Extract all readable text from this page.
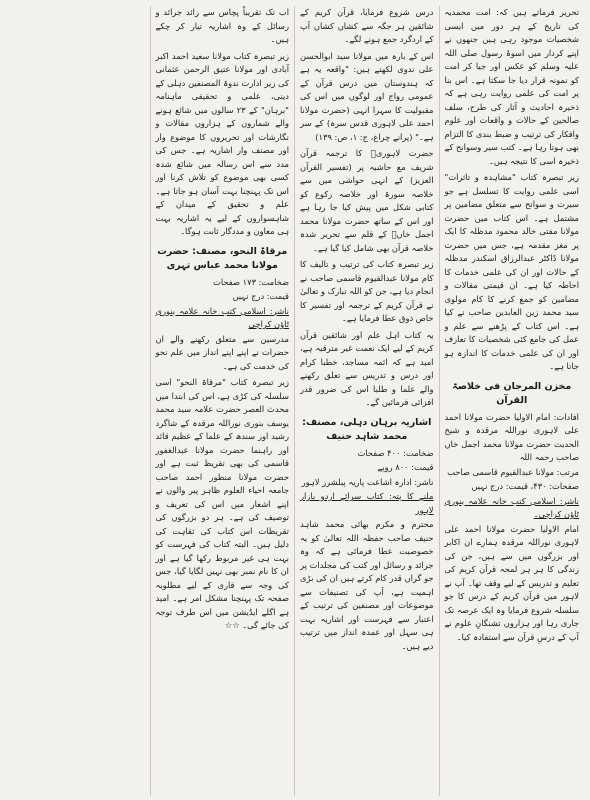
تحریر فرماتے ہیں کہ: امت محمدیہ کی تاریخ کے ہر دور میں ایسی شخصیات موجود رہی ہیں جنھوں نے اپنے کردار میں اسوۂ رسول صلی اللہ علیہ وسلم کو عکس اور جیا کر امت کو نمونہ قرار دیا جا سکتا ہے۔ اس بنا پر امت کی علمی روایت رہی ہے کہ ذخیرہ احادیث و آثار کی طرح، سلف صالحین کے حالات و واقعات اور علوم وافکار کی ترتیب و ضبط بندی کا التزام بھی ہوتا رہا ہے۔ کتب سیر وسوانح کے ذخیرہ اسی کا نتیجہ ہیں۔

زیر تبصرہ کتاب "مشاہدہ و تاثرات" اسی علمی روایت کا تسلسل ہے جو سیرت و سوانح سے متعلق مضامین پر مشتمل ہے۔ اس کتاب میں حضرت مولانا مفتی خالد محمود مدظلہ کا ایک پر مغز مقدمہ ہے، جس میں حضرت مولانا ڈاکٹر عبدالرزاق اسکندر مدظلہ کے حالات اور ان کی علمی خدمات کا احاطہ کیا ہے۔ ان قیمتی مقالات و مضامین کو جمع کرنے کا کام مولوی سید محمد زین العابدین صاحب نے کیا ہے۔ اس کتاب کے پڑھنے سے علم و عمل کی جامع کئی شخصیات کا تعارف اور ان کی علمی خدمات کا اندازہ ہو جاتا ہے۔

مخزن المرجان فی خلاصۃ القرآن

افادات: امام الاولیا حضرت مولانا احمد علی لاہوری نوراللہ مرقدہ و شیخ الحدیث حضرت مولانا محمد اجمل خاں صاحب رحمہ اللہ

مرتب: مولانا عبدالقیوم قاسمی صاحب

صفحات: ۴۳۰، قیمت: درج نہیں

ناشر: اسلامی کتب خانہ علامہ بنوری ٹاؤن کراچی۔

امام الاولیا حضرت مولانا احمد علی لاہوری نوراللہ مرقدہ ہمارے ان اکابر اور بزرگوں میں سے ہیں، جن کی زندگی کا ہر ہر لمحہ قرآن کریم کی تعلیم و تدریس کے لیے وقف تھا۔ آپ نے لاہور میں قرآن کریم کے درس کا جو سلسلہ شروع فرمایا وہ ایک عرصہ تک جاری رہا اور ہزاروں تشنگانِ علوم نے آپ کے درسِ قرآن سے استفادہ کیا۔

درس شروع فرمایا، قرآن کریم کے شائقین ہر جگہ سے کشاں کشاں آپ کے اردگرد جمع ہونے لگے۔

اس کے بارہ میں مولانا سید ابوالحسن علی ندوی لکھتے ہیں: "واقعہ یہ ہے کہ ہندوستان میں درس قرآن کے عمومی رواج اور لوگوں میں اس کی مقبولیت کا سہرا انہی (حضرت مولانا احمد علی لاہوری قدس سرہ) کے سر ہے۔" (پرانے چراغ، ج: ۱، ص: ۱۳۹)

حضرت لاہوریؒ کا ترجمہ قرآن شریف مع حاشیہ پر (تفسیر القرآن العزیز) کے انہی حواشی میں سے خلاصہ سورۃ اور خلاصہ رکوع کو کتابی شکل میں پیش کیا جا رہا ہے اور اس کے ساتھ حضرت مولانا محمد اجمل خاںؒ کے قلم سے تحریر شدہ خلاصہ قرآن بھی شامل کیا گیا ہے۔

زیر تبصرہ کتاب کی ترتیب و تالیف کا کام مولانا عبدالقیوم قاسمی صاحب نے انجام دیا ہے، جن کو اللہ تبارک و تعالیٰ نے قرآن کریم کے ترجمہ اور تفسیر کا خاص ذوق عطا فرمایا ہے۔

یہ کتاب اہل علم اور شائقین قرآن کریم کے لیے ایک نعمت غیر مترقبہ ہے، امید ہے کہ ائمہ مساجد، خطبا کرام اور درس و تدریس سے تعلق رکھنے والے علما و طلبا اس کی ضرور قدر افزائی فرمائیں گے۔

اشاریہ برہان دہلی، مصنف: محمد شاہد حنیف

ضخامت: ۴۰۰ صفحات

قیمت: ۸۰۰ روپے

ناشر: ادارہ اشاعت پاریہ پبلشرز لاہور

ملنے کا پتہ: کتاب سرائے اردو بازار لاہور

محترم و مکرم بھائی محمد شاہد حنیف صاحب حفظہ اللہ تعالیٰ کو یہ خصوصیت عطا فرمائی ہے کہ وہ جرائد و رسائل اور کتب کی مجلدات پر جو گراں قدر کام کرتے ہیں ان کی بڑی اہمیت ہے، آپ کی تصنیفات سے موضوعات اور مصنفین کی ترتیب کے اعتبار سے فہرست اور اشاریہ بہت ہی سہل اور عمدہ انداز میں ترتیب دیے ہیں۔

اب تک تقریباً پچاس سے زائد جرائد و رسائل کے وہ اشاریہ تیار کر چکے ہیں۔

زیر تبصرہ کتاب مولانا سعید احمد اکبر آبادی اور مولانا عتیق الرحمن عثمانی کی زیر ادارت ندوۃ المصنفین دہلی کے دینی، علمی و تحقیقی ماہنامہ "برہان" کے ۲۳ سالوں میں شائع ہونے والے شماروں کے ہزاروں مقالات و نگارشات اور تحریروں کا موضوع وار اور مصنف وار اشاریہ ہے۔ جس کی مدد سے اس رسالہ میں شائع شدہ کسی بھی موضوع کو تلاش کرنا اور اس تک پہنچنا بہت آسان ہو جاتا ہے۔ علم و تحقیق کے میدان کے شاہسواروں کے لیے یہ اشاریہ بہت ہی معاون و مددگار ثابت ہوگا۔

مرقاۃ النحو، مصنف: حضرت مولانا محمد عباس تہری

ضخامت: ۱۷۳ صفحات

قیمت: درج نہیں

ناشر: اسلامی کتب خانہ علامہ بنوری ٹاؤن کراچی

مدرسین سے متعلق رکھنے والے ان حضرات نے اپنے اپنے انداز میں علم نحو کی خدمت کی ہے۔

زیر تبصرہ کتاب "مرقاۃ النحو" اسی سلسلہ کی کڑی ہے، اس کی ابتدا میں محدث العصر حضرت علامہ سید محمد یوسف بنوری نوراللہ مرقدہ کے شاگرد رشید اور سندھ کے علما کے عظیم قائد اور راہنما حضرت مولانا عبدالغفور قاسمی کی بھی تقریظ ثبت ہے اور حضرت مولانا منظور احمد صاحب جامعہ احیاء العلوم ظاہر پیر والوں نے اپنے اشعار میں اس کی تعریف و توصیف کی ہے۔ ہر دو بزرگوں کی تقریظات اس کتاب کی ثقاہت کی دلیل ہیں۔ البتہ کتاب کی فہرست کو بہت ہی غیر مربوط رکھا گیا ہے اور ان کا نام نمبر بھی نہیں لگایا گیا، جس کی وجہ سے قاری کے لیے مطلوبہ صفحہ تک پہنچنا مشکل امر ہے۔ امید ہے اگلے ایڈیشن میں اس طرف توجہ کی جائے گی۔ ☆☆
